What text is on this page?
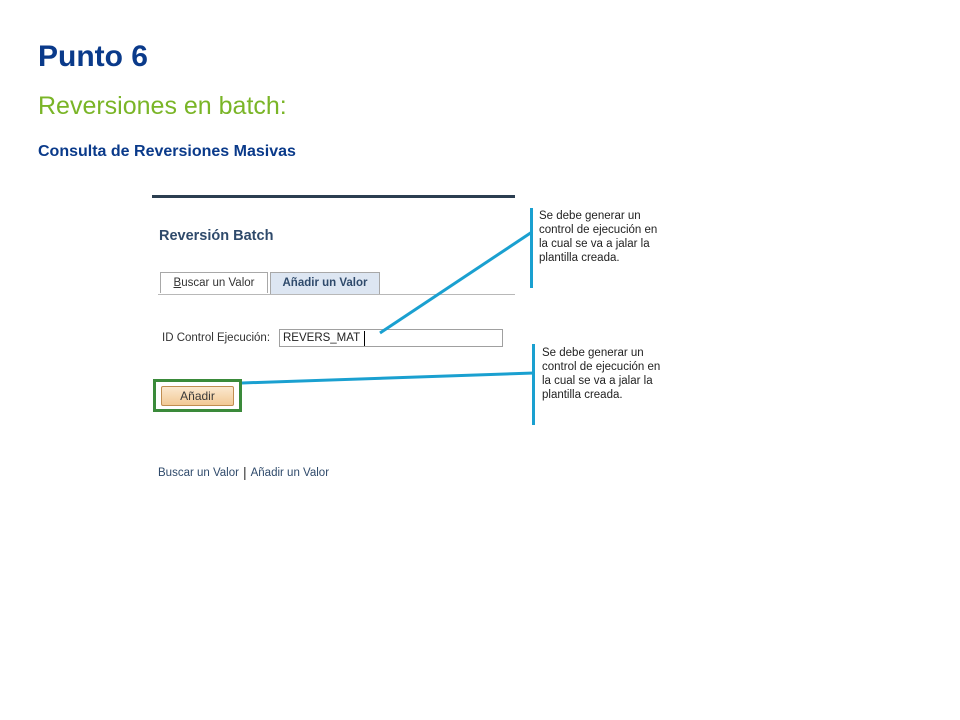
Punto 6
Reversiones en batch:
Consulta de Reversiones Masivas
Reversión Batch
Buscar un Valor	Añadir un Valor
ID Control Ejecución:
REVERS_MAT
Añadir
Buscar un Valor | Añadir un Valor
Se debe generar un control de ejecución en la cual se va a jalar la plantilla creada.
Se debe generar un control de ejecución en la cual se va a jalar la plantilla creada.
